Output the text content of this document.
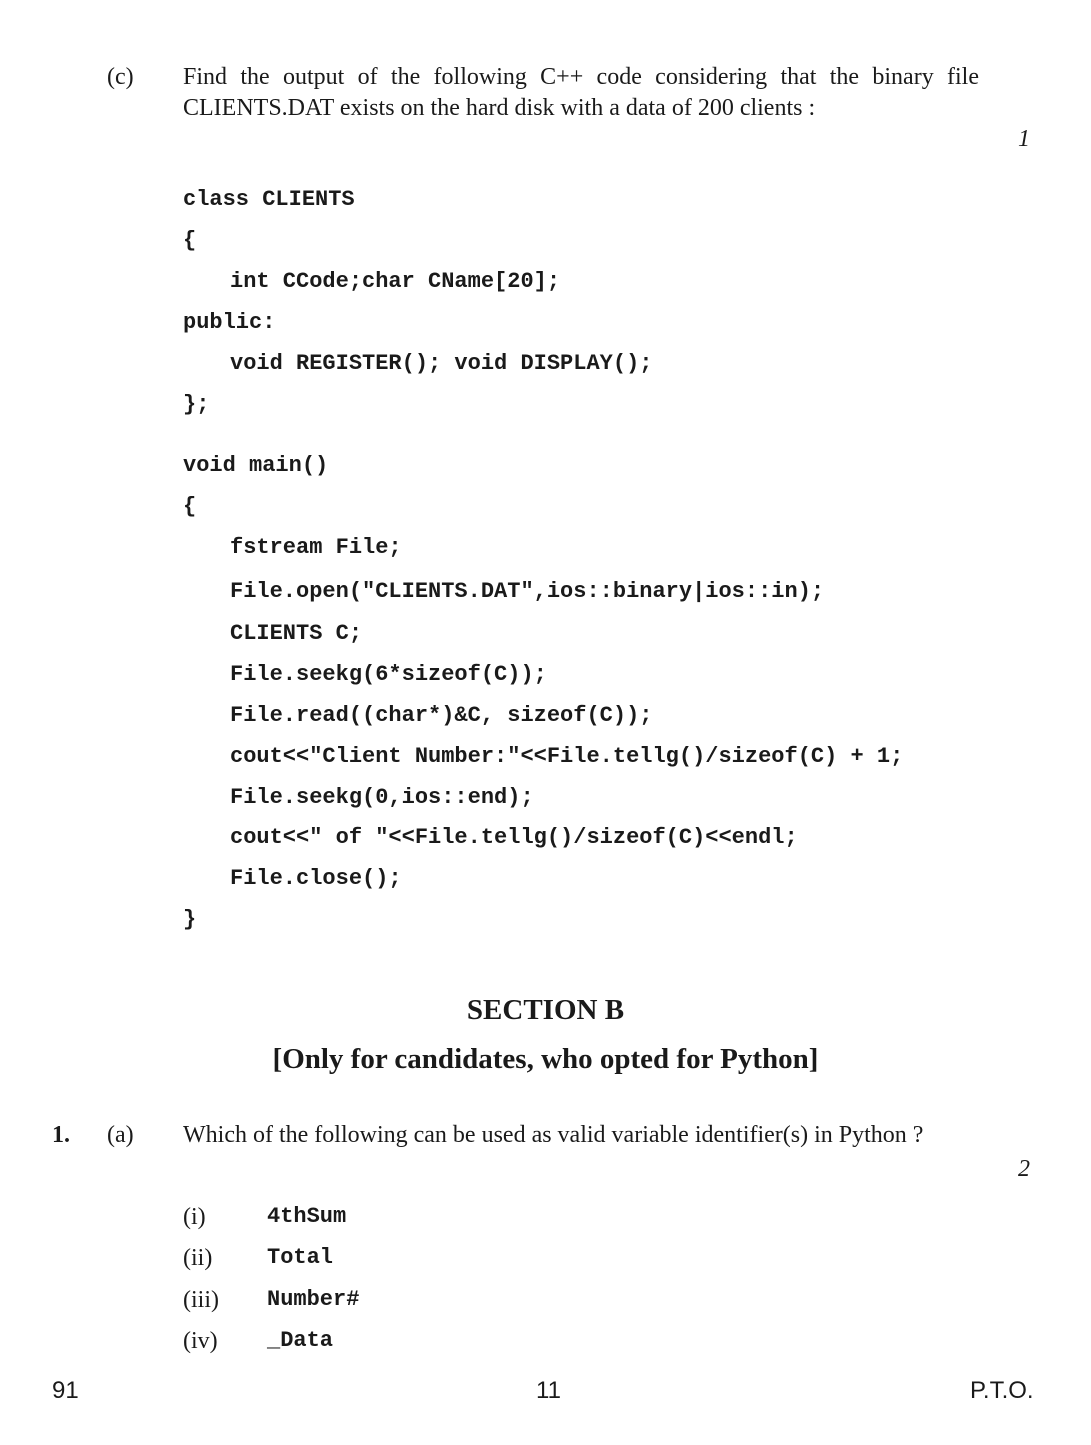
(c) Find the output of the following C++ code considering that the binary file CLIENTS.DAT exists on the hard disk with a data of 200 clients :
1
class CLIENTS
{
int CCode;char CName[20];
public:
void REGISTER(); void DISPLAY();
};
void main()
{
fstream File;
File.open("CLIENTS.DAT",ios::binary|ios::in);
CLIENTS C;
File.seekg(6*sizeof(C));
File.read((char*)&C, sizeof(C));
cout<<"Client Number:"<<File.tellg()/sizeof(C) + 1;
File.seekg(0,ios::end);
cout<<" of "<<File.tellg()/sizeof(C)<<endl;
File.close();
}
SECTION B
[Only for candidates, who opted for Python]
1. (a) Which of the following can be used as valid variable identifier(s) in Python ?
2
(i)	4thSum
(ii) Total
(iii) Number#
(iv) _Data
91	11	P.T.O.
